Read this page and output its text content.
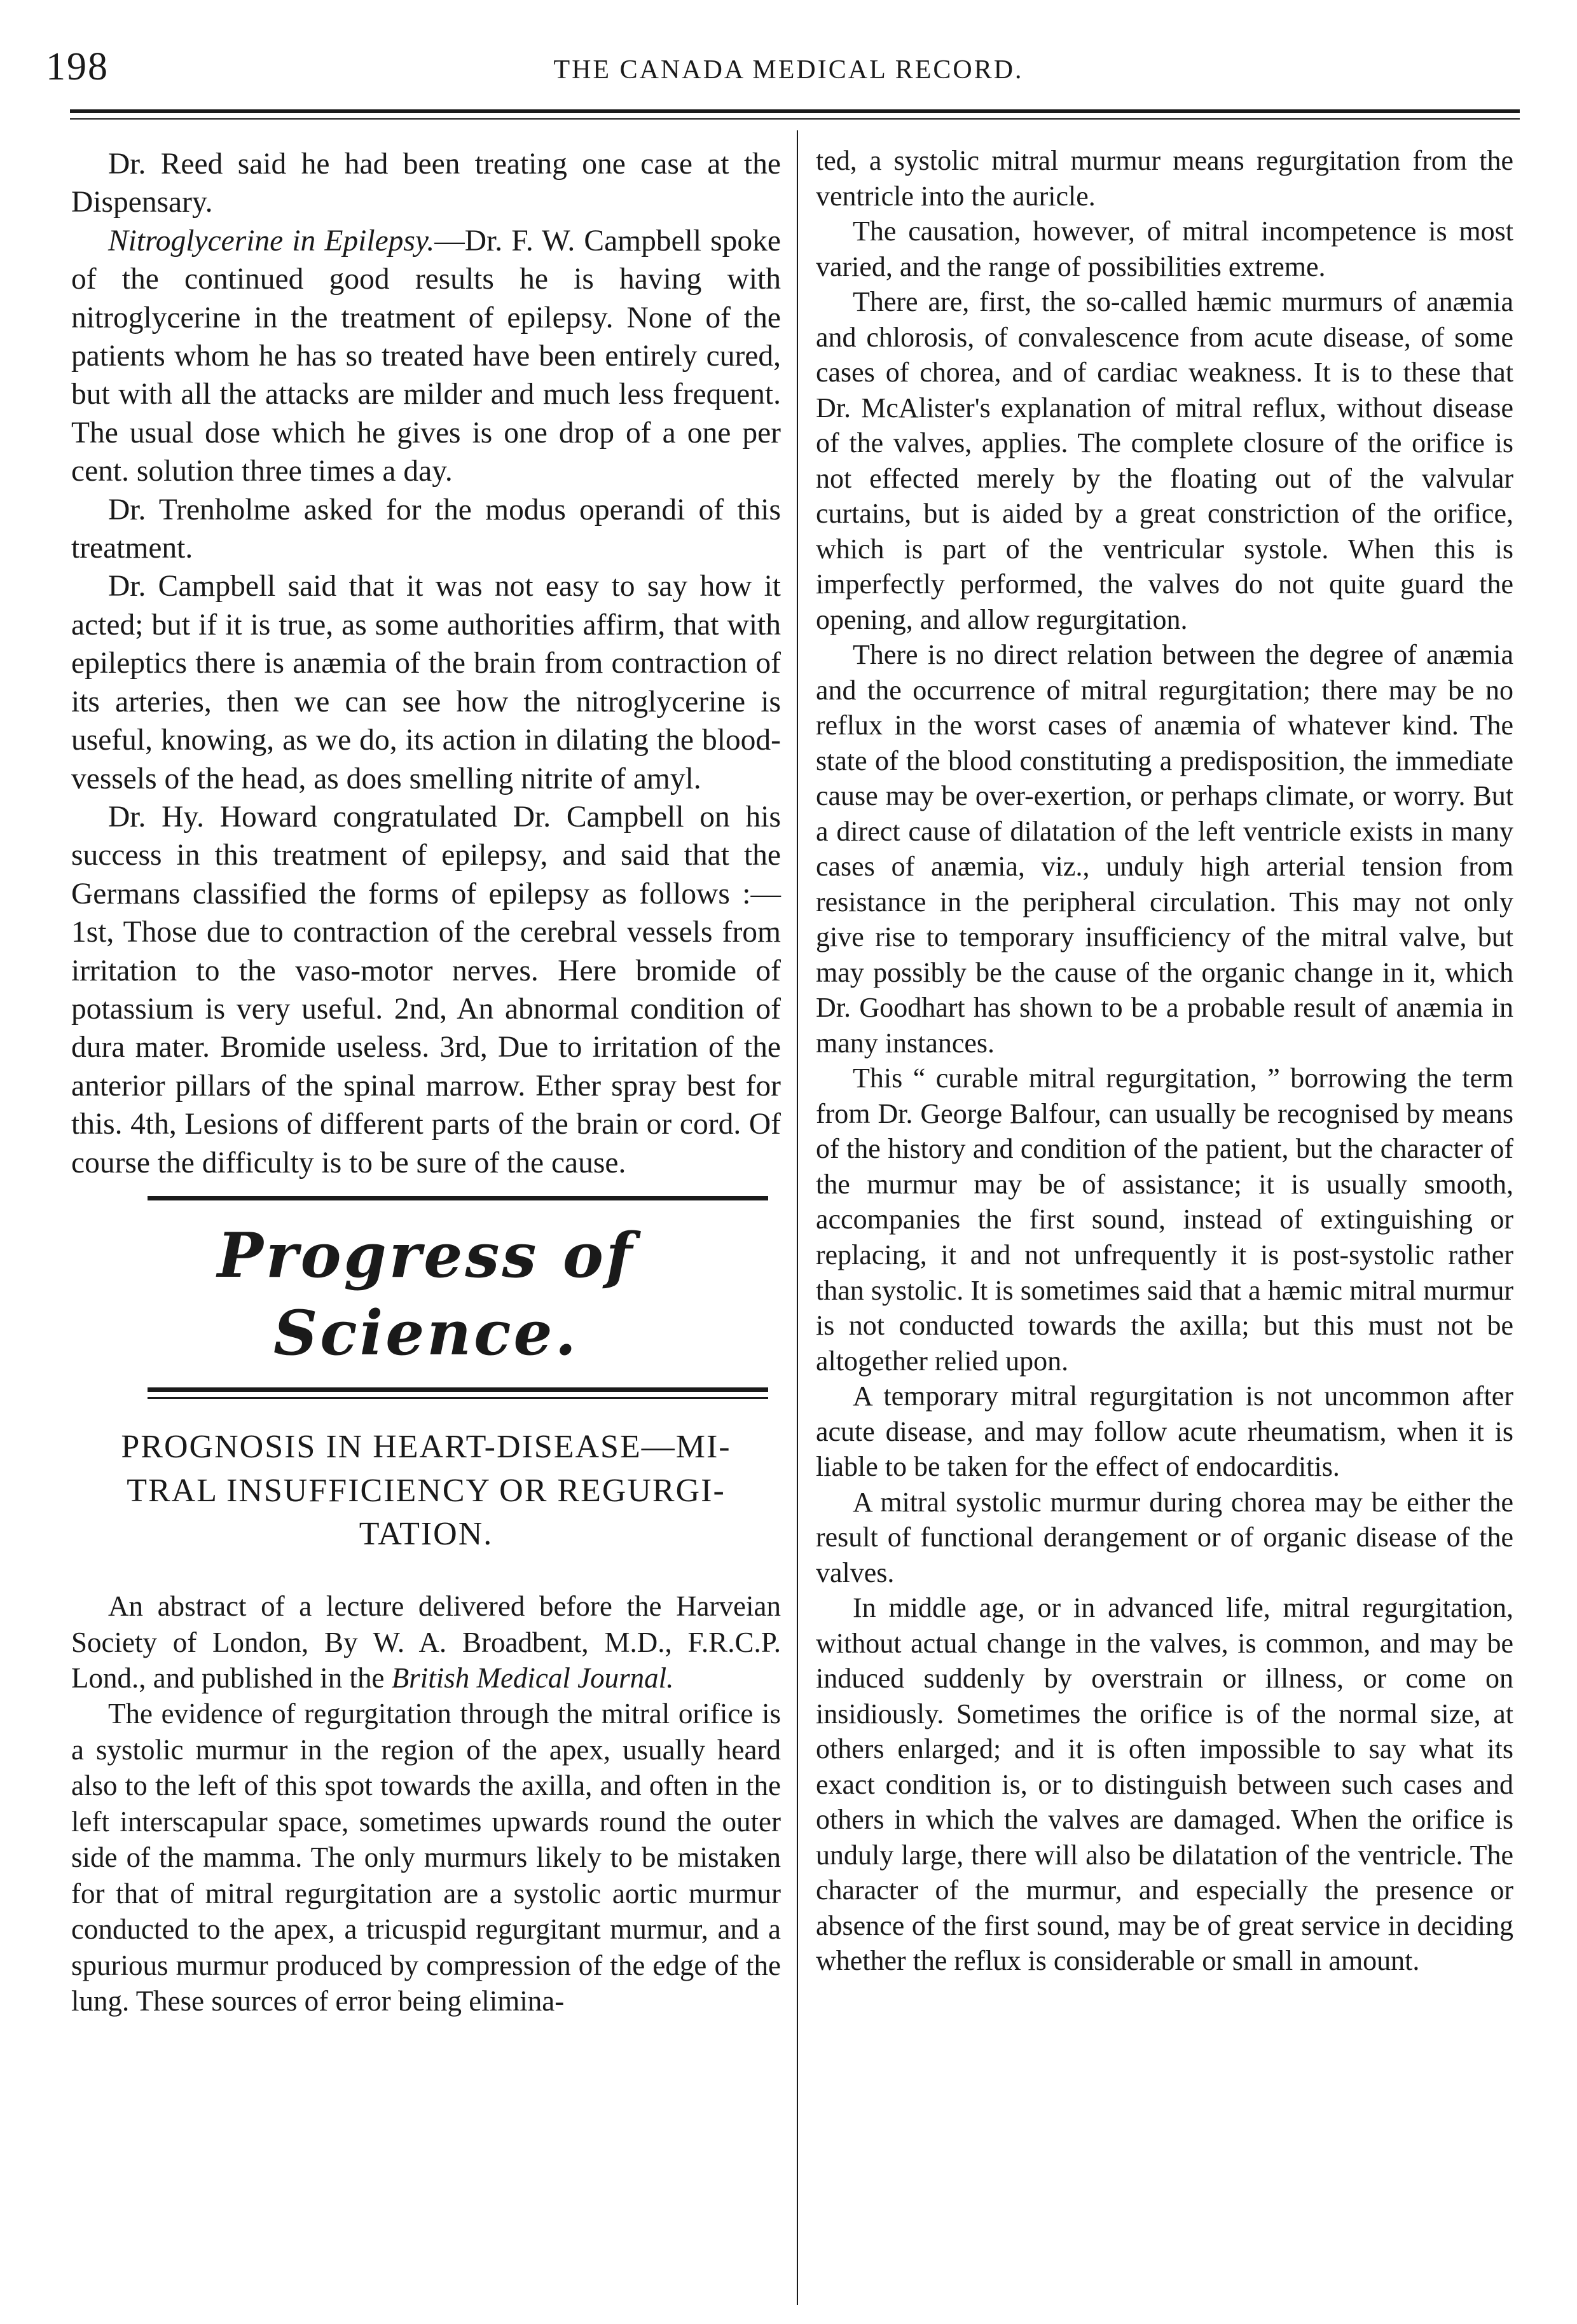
198	THE CANADA MEDICAL RECORD.

Dr. Reed said he had been treating one case at the Dispensary.

Nitroglycerine in Epilepsy.—Dr. F. W. Campbell spoke of the continued good results he is having with nitroglycerine in the treatment of epilepsy. None of the patients whom he has so treated have been entirely cured, but with all the attacks are milder and much less frequent. The usual dose which he gives is one drop of a one per cent. solution three times a day.

Dr. Trenholme asked for the modus operandi of this treatment.

Dr. Campbell said that it was not easy to say how it acted; but if it is true, as some authorities affirm, that with epileptics there is anæmia of the brain from contraction of its arteries, then we can see how the nitroglycerine is useful, knowing, as we do, its action in dilating the blood-vessels of the head, as does smelling nitrite of amyl.

Dr. Hy. Howard congratulated Dr. Campbell on his success in this treatment of epilepsy, and said that the Germans classified the forms of epilepsy as follows :—1st, Those due to contraction of the cerebral vessels from irritation to the vaso-motor nerves. Here bromide of potassium is very useful. 2nd, An abnormal condition of dura mater. Bromide useless. 3rd, Due to irritation of the anterior pillars of the spinal marrow. Ether spray best for this. 4th, Lesions of different parts of the brain or cord. Of course the difficulty is to be sure of the cause.

Progress of Science.
PROGNOSIS IN HEART-DISEASE—MI-
TRAL INSUFFICIENCY OR REGURGI-
TATION.

An abstract of a lecture delivered before the Harveian Society of London, By W. A. Broadbent, M.D., F.R.C.P. Lond., and published in the British Medical Journal.

The evidence of regurgitation through the mitral orifice is a systolic murmur in the region of the apex, usually heard also to the left of this spot towards the axilla, and often in the left interscapular space, sometimes upwards round the outer side of the mamma. The only murmurs likely to be mistaken for that of mitral regurgitation are a systolic aortic murmur conducted to the apex, a tricuspid regurgitant murmur, and a spurious murmur produced by compression of the edge of the lung. These sources of error being elimina-

ted, a systolic mitral murmur means regurgitation from the ventricle into the auricle.

The causation, however, of mitral incompetence is most varied, and the range of possibilities extreme.

There are, first, the so-called hæmic murmurs of anæmia and chlorosis, of convalescence from acute disease, of some cases of chorea, and of cardiac weakness. It is to these that Dr. McAlister's explanation of mitral reflux, without disease of the valves, applies. The complete closure of the orifice is not effected merely by the floating out of the valvular curtains, but is aided by a great constriction of the orifice, which is part of the ventricular systole. When this is imperfectly performed, the valves do not quite guard the opening, and allow regurgitation.

There is no direct relation between the degree of anæmia and the occurrence of mitral regurgitation; there may be no reflux in the worst cases of anæmia of whatever kind. The state of the blood constituting a predisposition, the immediate cause may be over-exertion, or perhaps climate, or worry. But a direct cause of dilatation of the left ventricle exists in many cases of anæmia, viz., unduly high arterial tension from resistance in the peripheral circulation. This may not only give rise to temporary insufficiency of the mitral valve, but may possibly be the cause of the organic change in it, which Dr. Goodhart has shown to be a probable result of anæmia in many instances.

This “ curable mitral regurgitation, ” borrowing the term from Dr. George Balfour, can usually be recognised by means of the history and condition of the patient, but the character of the murmur may be of assistance; it is usually smooth, accompanies the first sound, instead of extinguishing or replacing, it and not unfrequently it is post-systolic rather than systolic. It is sometimes said that a hæmic mitral murmur is not conducted towards the axilla; but this must not be altogether relied upon.

A temporary mitral regurgitation is not uncommon after acute disease, and may follow acute rheumatism, when it is liable to be taken for the effect of endocarditis.

A mitral systolic murmur during chorea may be either the result of functional derangement or of organic disease of the valves.

In middle age, or in advanced life, mitral regurgitation, without actual change in the valves, is common, and may be induced suddenly by overstrain or illness, or come on insidiously. Sometimes the orifice is of the normal size, at others enlarged; and it is often impossible to say what its exact condition is, or to distinguish between such cases and others in which the valves are damaged. When the orifice is unduly large, there will also be dilatation of the ventricle. The character of the murmur, and especially the presence or absence of the first sound, may be of great service in deciding whether the reflux is considerable or small in amount.
